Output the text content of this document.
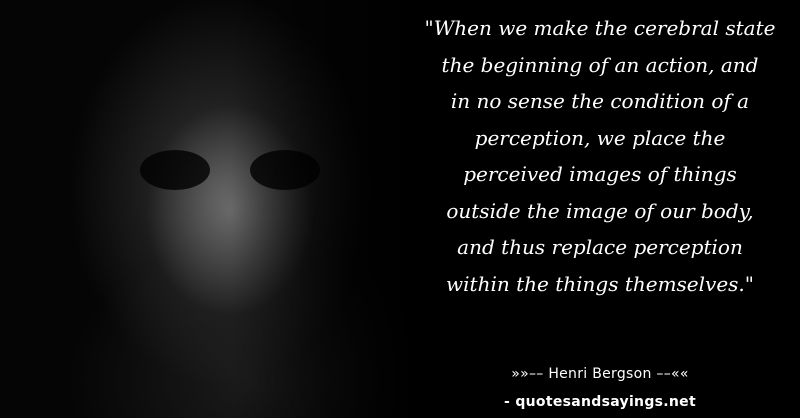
"When we make the cerebral state
the beginning of an action, and
in no sense the condition of a
perception, we place the
perceived images of things
outside the image of our body,
and thus replace perception
within the things themselves."

»»–– Henri Bergson ––««
- quotesandsayings.net
